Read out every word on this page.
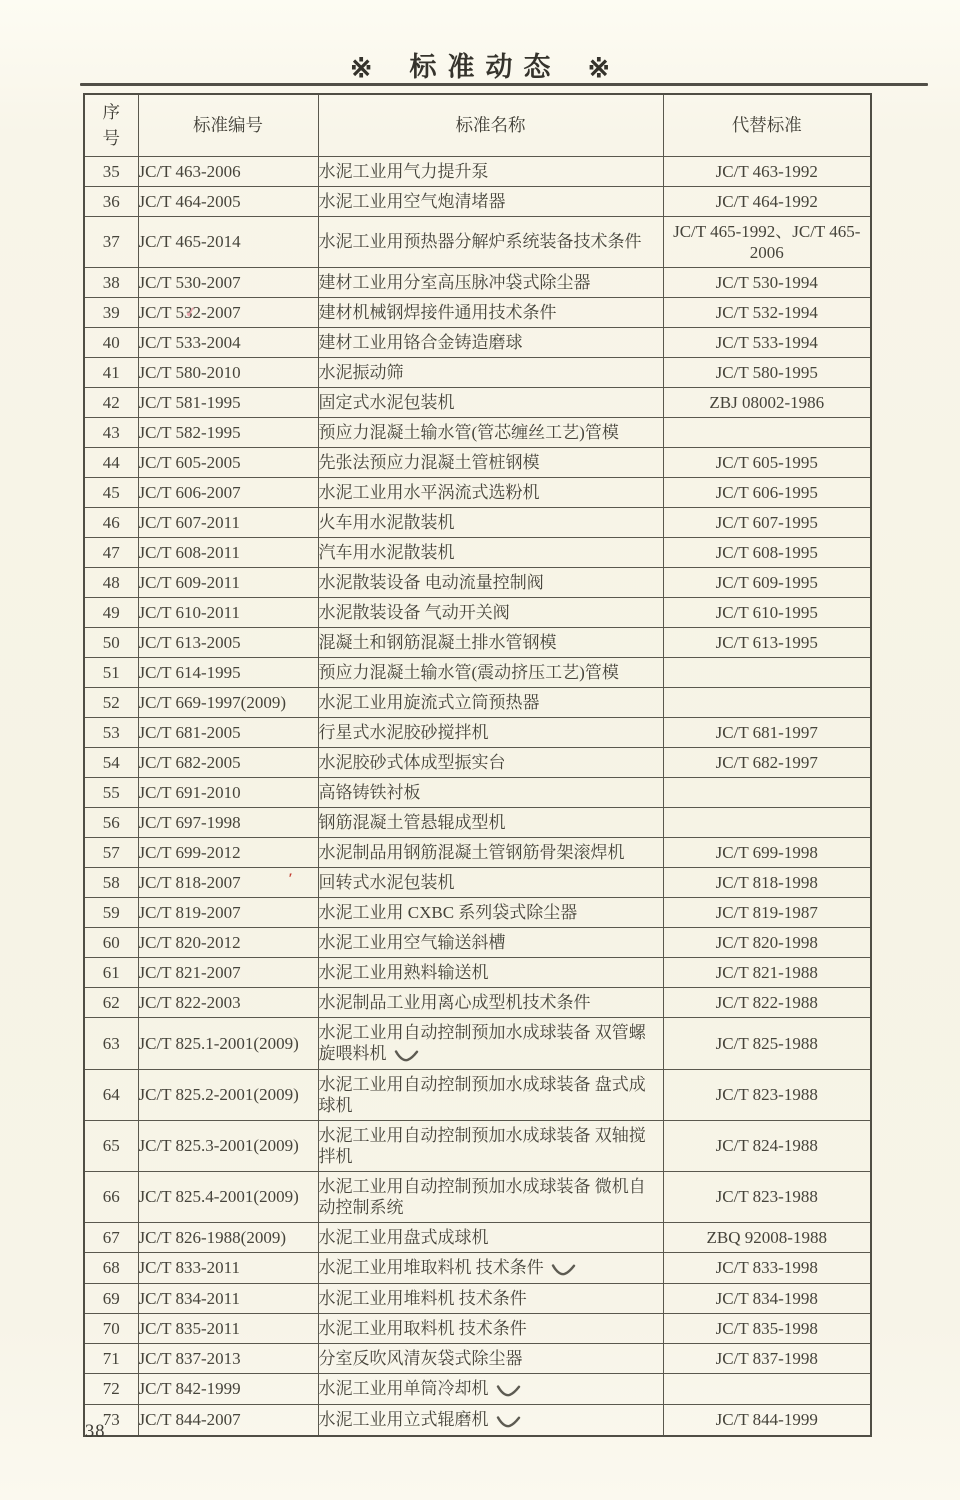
※ 标准动态 ※
序号	标准编号	标准名称	代替标准
35	JC/T 463-2006	水泥工业用气力提升泵	JC/T 463-1992
36	JC/T 464-2005	水泥工业用空气炮清堵器	JC/T 464-1992
37	JC/T 465-2014	水泥工业用预热器分解炉系统装备技术条件	JC/T 465-1992、JC/T 465-2006
38	JC/T 530-2007	建材工业用分室高压脉冲袋式除尘器	JC/T 530-1994
39	JC/T 532-2007 ✓	建材机械钢焊接件通用技术条件	JC/T 532-1994
40	JC/T 533-2004	建材工业用铬合金铸造磨球	JC/T 533-1994
41	JC/T 580-2010	水泥振动筛	JC/T 580-1995
42	JC/T 581-1995	固定式水泥包装机	ZBJ 08002-1986
43	JC/T 582-1995	预应力混凝土输水管(管芯缠丝工艺)管模	
44	JC/T 605-2005	先张法预应力混凝土管桩钢模	JC/T 605-1995
45	JC/T 606-2007	水泥工业用水平涡流式选粉机	JC/T 606-1995
46	JC/T 607-2011	火车用水泥散装机	JC/T 607-1995
47	JC/T 608-2011	汽车用水泥散装机	JC/T 608-1995
48	JC/T 609-2011	水泥散装设备 电动流量控制阀	JC/T 609-1995
49	JC/T 610-2011	水泥散装设备 气动开关阀	JC/T 610-1995
50	JC/T 613-2005	混凝土和钢筋混凝土排水管钢模	JC/T 613-1995
51	JC/T 614-1995	预应力混凝土输水管(震动挤压工艺)管模	
52	JC/T 669-1997(2009)	水泥工业用旋流式立筒预热器	
53	JC/T 681-2005	行星式水泥胶砂搅拌机	JC/T 681-1997
54	JC/T 682-2005	水泥胶砂式体成型振实台	JC/T 682-1997
55	JC/T 691-2010	高铬铸铁衬板	
56	JC/T 697-1998	钢筋混凝土管悬辊成型机	
57	JC/T 699-2012	水泥制品用钢筋混凝土管钢筋骨架滚焊机	JC/T 699-1998
58	JC/T 818-2007 ʹ	回转式水泥包装机	JC/T 818-1998
59	JC/T 819-2007	水泥工业用 CXBC 系列袋式除尘器	JC/T 819-1987
60	JC/T 820-2012	水泥工业用空气输送斜槽	JC/T 820-1998
61	JC/T 821-2007	水泥工业用熟料输送机	JC/T 821-1988
62	JC/T 822-2003	水泥制品工业用离心成型机技术条件	JC/T 822-1988
63	JC/T 825.1-2001(2009)	水泥工业用自动控制预加水成球装备 双管螺旋喂料机	JC/T 825-1988
64	JC/T 825.2-2001(2009)	水泥工业用自动控制预加水成球装备 盘式成球机	JC/T 823-1988
65	JC/T 825.3-2001(2009)	水泥工业用自动控制预加水成球装备 双轴搅拌机	JC/T 824-1988
66	JC/T 825.4-2001(2009)	水泥工业用自动控制预加水成球装备 微机自动控制系统	JC/T 823-1988
67	JC/T 826-1988(2009)	水泥工业用盘式成球机	ZBQ 92008-1988
68	JC/T 833-2011	水泥工业用堆取料机 技术条件	JC/T 833-1998
69	JC/T 834-2011	水泥工业用堆料机 技术条件	JC/T 834-1998
70	JC/T 835-2011	水泥工业用取料机 技术条件	JC/T 835-1998
71	JC/T 837-2013	分室反吹风清灰袋式除尘器	JC/T 837-1998
72	JC/T 842-1999	水泥工业用单筒冷却机	
73	JC/T 844-2007	水泥工业用立式辊磨机	JC/T 844-1999
38
